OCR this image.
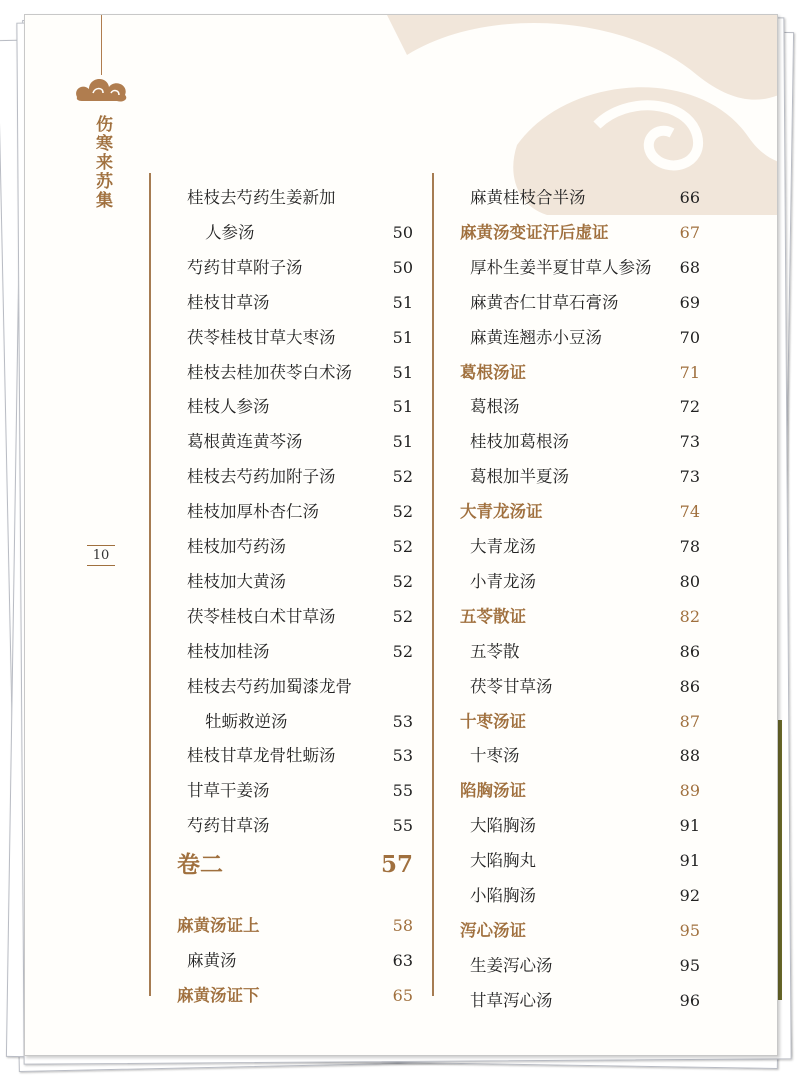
伤寒来苏集
10
桂枝去芍药生姜新加
人参汤	50
芍药甘草附子汤	50
桂枝甘草汤	51
茯苓桂枝甘草大枣汤	51
桂枝去桂加茯苓白术汤	51
桂枝人参汤	51
葛根黄连黄芩汤	51
桂枝去芍药加附子汤	52
桂枝加厚朴杏仁汤	52
桂枝加芍药汤	52
桂枝加大黄汤	52
茯苓桂枝白术甘草汤	52
桂枝加桂汤	52
桂枝去芍药加蜀漆龙骨
牡蛎救逆汤	53
桂枝甘草龙骨牡蛎汤	53
甘草干姜汤	55
芍药甘草汤	55
卷二	57
麻黄汤证上	58
麻黄汤	63
麻黄汤证下	65
麻黄桂枝合半汤	66
麻黄汤变证汗后虚证	67
厚朴生姜半夏甘草人参汤 68
麻黄杏仁甘草石膏汤	69
麻黄连翘赤小豆汤	70
葛根汤证	71
葛根汤	72
桂枝加葛根汤	73
葛根加半夏汤	73
大青龙汤证	74
大青龙汤	78
小青龙汤	80
五苓散证	82
五苓散	86
茯苓甘草汤	86
十枣汤证	87
十枣汤	88
陷胸汤证	89
大陷胸汤	91
大陷胸丸	91
小陷胸汤	92
泻心汤证	95
生姜泻心汤	95
甘草泻心汤	96
